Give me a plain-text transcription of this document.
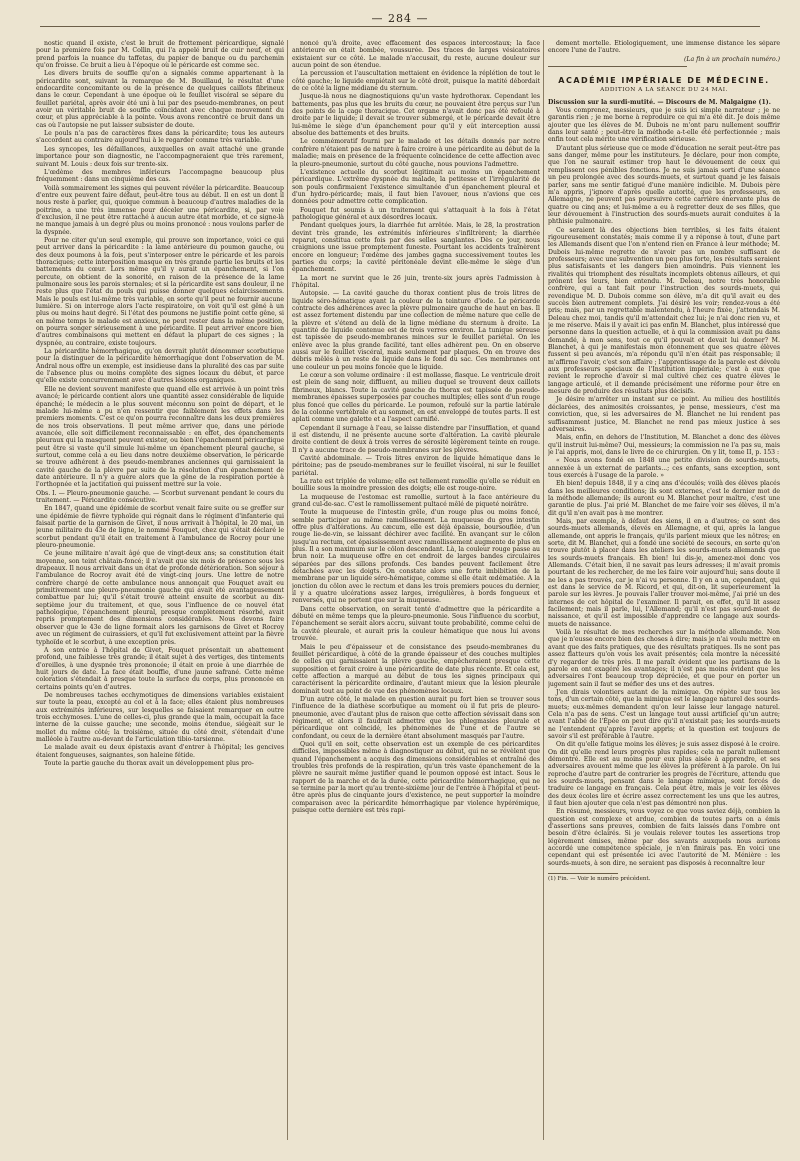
— 284 —

nostic quand il existe, c'est le bruit de frottement péricardique, signalé pour la première fois par M. Collin, qui l'a appelé bruit de cuir neuf, et qui prend parfois la nuance du taffetas, du papier de banque ou du parchemin qu'on froisse. Ce bruit a lieu à l'époque où le péricarde est comme sec.

Les divers bruits de souffle qu'on a signalés comme appartenant à la péricardite sont, suivant la remarque de M. Bouillaud, le résultat d'une endocardite concomitante ou de la présence de quelques caillots fibrineux dans le cœur. Cependant à une époque où le feuillet viscéral se sépare du feuillet pariétal, après avoir été uni à lui par des pseudo-membranes, on peut avoir un véritable bruit de souffle coïncidant avec chaque mouvement du cœur, et plus appréciable à la pointe. Vous avons rencontré ce bruit dans un cas où l'autopsie ne put laisser subsister de doute.

Le pouls n'a pas de caractères fixes dans la péricardite; tous les auteurs s'accordent au contraire aujourd'hui à le regarder comme très variable.

Les syncopes, les défaillances, auxquelles on avait attaché une grande importance pour son diagnostic, ne l'accompagneraient que très rarement, suivant M. Louis : deux fois sur trente-six.

L'œdème des membres inférieurs l'accompagne beaucoup plus fréquemment : dans un cinquième des cas.

Voilà sommairement les signes qui peuvent révéler la péricardite. Beaucoup d'entre eux peuvent faire défaut, peut-être tous au début. Il en est un dont il nous reste à parler, qui, quoique commun à beaucoup d'autres maladies de la poitrine, a une très immense pour déceler une péricardite, si, par voie d'exclusion, il ne peut être rattaché à aucun autre état morbide, et ce signe-là ne manque jamais à un degré plus ou moins prononcé : nous voulons parler de la dyspnée.

Pour ne citer qu'un seul exemple, qui prouve son importance, voici ce qui peut arriver dans la péricardite : la lame antérieure du poumon gauche, ou des deux poumons à la fois, peut s'interposer entre le péricarde et les parois thoraciques; cette interposition masque en très grande partie les bruits et les battements du cœur. Lors même qu'il y aurait un épanchement, si l'on percute, on obtient de la sonorité, en raison de la présence de la lame pulmonaire sous les parois sternales; et si la péricardite est sans douleur, il ne reste plus que l'état du pouls qui puisse donner quelques éclaircissements. Mais le pouls est lui-même très variable, en sorte qu'il peut ne fournir aucune lumière. Si on interroge alors l'acte respiratoire, on voit qu'il est gêné à un plus ou moins haut degré. Si l'état des poumons ne justifie point cette gêne, si en même temps le malade est anxieux, ne peut rester dans la même position, on pourra songer sérieusement à une péricardite. Il peut arriver encore bien d'autres combinaisons qui mettent en défaut la plupart de ces signes ; la dyspnée, au contraire, existe toujours.

La péricardite hémorrhagique, qu'on devrait plutôt dénommer scorbutique pour la distinguer de la péricardite hémorrhagique dont l'observation de M. Andral nous offre un exemple, est insidieuse dans la pluralité des cas par suite de l'absence plus ou moins complète des signes locaux du début, et parce qu'elle existe concurremment avec d'autres lésions organiques.

Elle ne devient souvent manifeste que quand elle est arrivée à un point très avancé; le péricarde contient alors une quantité assez considérable de liquide épanché; le médecin a le plus souvent méconnu son point de départ, et le malade lui-même a pu n'en ressentir que faiblement les effets dans les premiers moments. C'est ce qu'on pourra reconnaître dans les deux premières de nos trois observations. Il peut même arriver que, dans une période avancée, elle soit difficilement reconnaissable : en effet, des épanchements pleuraux qui la masquent peuvent exister, ou bien l'épanchement péricardique peut être si vaste qu'il simule lui-même un épanchement pleural gauche, si surtout, comme cela a eu lieu dans notre deuxième observation, le péricarde se trouve adhérent à des pseudo-membranes anciennes qui garnissaient la cavité gauche de la plèvre par suite de la résolution d'un épanchement de date antérieure. Il n'y a guère alors que la gêne de la respiration portée à l'orthopnée et la jactitation qui puissent mettre sur la voie.

Obs. I. — Pleuro-pneumonie gauche. — Scorbut survenant pendant le cours du traitement. — Péricardite consécutive.

En 1847, quand une épidémie de scorbut venait faire suite ou se greffer sur une épidémie de fièvre typhoïde qui régnait dans le régiment d'infanterie qui faisait partie de la garnison de Givet, il nous arrivait à l'hôpital, le 20 mai, un jeune militaire du 43e de ligne, le nommé Fouquet, chez qui s'était déclaré le scorbut pendant qu'il était en traitement à l'ambulance de Rocroy pour une pleuro-pneumonie.

Ce jeune militaire n'avait âgé que de vingt-deux ans; sa constitution était moyenne, son teint châtain-foncé; il n'avait que six mois de présence sous les drapeaux. Il nous arrivait dans un état de profonde détérioration. Son séjour à l'ambulance de Rocroy avait été de vingt-cinq jours. Une lettre de notre confrère chargé de cette ambulance nous annonçait que Fouquet avait eu primitivement une pleuro-pneumonie gauche qui avait été avantageusement combattue par lui; qu'il s'était trouvé atteint ensuite de scorbut au dix-septième jour du traitement, et que, sous l'influence de ce nouvel état pathologique, l'épanchement pleural, presque complètement résorbé, avait repris promptement des dimensions considérables. Nous devons faire observer que le 43e de ligne formait alors les garnisons de Givet et Rocroy avec un régiment de cuirassiers, et qu'il fut exclusivement atteint par la fièvre typhoïde et le scorbut, à une exception près.

A son entrée à l'hôpital de Givet, Fouquet présentait un abattement profond, une faiblesse très grande; il était sujet à des vertiges, des tintements d'oreilles, à une dyspnée très prononcée; il était en proie à une diarrhée de huit jours de date. La face était bouffie, d'une jaune safrané. Cette même coloration s'étendait à presque toute la surface du corps, plus prononcée en certains points qu'en d'autres.

De nombreuses taches ecchymotiques de dimensions variables existaient sur toute la peau, excepté au col et à la face; elles étaient plus nombreuses aux extrémités inférieures, sur lesquelles se faisaient remarquer en outre trois ecchymoses. L'une de celles-ci, plus grande que la main, occupait la face interne de la cuisse gauche; une seconde, moins étendue, siégeait sur le mollet du même côté; la troisième, située du côté droit, s'étendait d'une malléole à l'autre au-devant de l'articulation tibio-tarsienne.

Le malade avait eu deux épistaxis avant d'entrer à l'hôpital; les gencives étaient fongueuses, saignantes, son haleine fétide.

Toute la partie gauche du thorax avait un développement plus pro-

noncé qu'à droite, avec effacement des espaces intercostaux; la face antérieure en était bombée, voussurée. Des traces de larges vésicatoires existaient sur ce côté. Le malade n'accusait, du reste, aucune douleur sur aucun point de son étendue.

La percussion et l'auscultation mettaient en évidence la réplétion de tout le côté gauche; le liquide empiétait sur le côté droit, puisque la matité débordait de ce côté la ligne médiane du sternum.

Jusque-là nous ne diagnostiquions qu'un vaste hydrothorax. Cependant les battements, pas plus que les bruits du cœur, ne pouvaient être perçus sur l'un des points de la cage thoracique. Cet organe n'avait donc pas été refoulé à droite par le liquide; il devait se trouver submergé, et le péricarde devait être lui-même le siège d'un épanchement pour qu'il y eût interception aussi absolue des battements et des bruits.

Le commémoratif fourni par le malade et les détails donnés par notre confrère n'étaient pas de nature à faire croire à une péricardite au début de la maladie; mais en présence de la fréquente coïncidence de cette affection avec la pleuro-pneumonie, surtout du côté gauche, nous pouvions l'admettre.

L'existence actuelle du scorbut légitimait au moins un épanchement péricardique. L'extrême dyspnée du malade, la petitesse et l'irrégularité de son pouls confirmaient l'existence simultanée d'un épanchement pleural et d'un hydro-péricarde; mais, il faut bien l'avouer, nous n'avions que ces données pour admettre cette complication.

Fouquet fut soumis à un traitement qui s'attaquait à la fois à l'état pathologique général et aux désordres locaux.

Pendant quelques jours, la diarrhée fut arrêtée. Mais, le 28, la prostration devint très grande, les extrémités inférieures s'infiltrèrent; la diarrhée reparut, constitua cette fois par des selles sanglantes. Dès ce jour, nous craignions une issue promptement funeste. Pourtant les accidents traînèrent encore en longueur; l'œdème des jambes gagna successivement toutes les parties du corps; la cavité péritonéale devint elle-même le siège d'un épanchement.

La mort ne survint que le 26 juin, trente-six jours après l'admission à l'hôpital.

Autopsie. — La cavité gauche du thorax contient plus de trois litres de liquide séro-hématique ayant la couleur de la teinture d'iode. Le péricarde contracte des adhérences avec la plèvre pulmonaire gauche de haut en bas. Il est assez fortement distendu par une collection de même nature que celle de la plèvre et s'étend au delà de la ligne médiane du sternum à droite. La quantité de liquide contenue est de trois verres environ. La tunique séreuse est tapissée de pseudo-membranes minces sur le feuillet pariétal. On les enlève avec la plus grande facilité, tant elles adhèrent peu. On en observe aussi sur le feuillet viscéral, mais seulement par plaques. On en trouve des débris mêlés à un reste de liquide dans le fond du sac. Ces membranes ont une couleur un peu moins foncée que le liquide.

Le cœur a son volume ordinaire : il est mollasse, flasque. Le ventricule droit est plein de sang noir, diffluent, au milieu duquel se trouvent deux caillots fibrineux, blancs. Toute la cavité gauche du thorax est tapissée de pseudo-membranes épaisses superposées par couches multiples; elles sont d'un rouge plus foncé que celles du péricarde. Le poumon, refoulé sur la partie latérale de la colonne vertébrale et au sommet, en est enveloppé de toutes parts. Il est aplati comme une galette et a l'aspect carnifié.

Cependant il surnage à l'eau, se laisse distendre par l'insufflation, et quand il est distendu, il ne présente aucune sorte d'altération. La cavité pleurale droite contient de deux à trois verres de sérosité légèrement teinte en rouge. Il n'y a aucune trace de pseudo-membranes sur les plèvres.

Cavité abdominale. — Trois litres environ de liquide hématique dans le péritoine; pas de pseudo-membranes sur le feuillet viscéral, ni sur le feuillet pariétal.

La rate est triplée de volume; elle est tellement ramollie qu'elle se réduit en bouillie sous la moindre pression des doigts; elle est rouge-noire.

La muqueuse de l'estomac est ramollie, surtout à la face antérieure du grand cul-de-sac. C'est le ramollissement pultacé mêlé de piqueté noirâtre.

Toute la muqueuse de l'intestin grêle, d'un rouge plus ou moins foncé, semble participer au même ramollissement. La muqueuse du gros intestin offre plus d'altérations. Au cæcum, elle est déjà épaissie, boursouflée, d'un rouge lie-de-vin, se laissant déchirer avec facilité. En avançant sur le côlon jusqu'au rectum, cet épaississement avec ramollissement augmente de plus en plus. Il a son maximum sur le côlon descendant. Là, la couleur rouge passe au brun noir. La muqueuse offre en cet endroit de larges bandes circulaires séparées par des sillons profonds. Ces bandes peuvent facilement être détachées avec les doigts. On constate alors une forte imbibition de la membrane par un liquide séro-hématique, comme si elle était œdématiée. A la jonction du côlon avec le rectum et dans les trois premiers pouces du dernier, il y a quatre ulcérations assez larges, irrégulières, à bords fongueux et renversés, qui ne portent que sur la muqueuse.

Dans cette observation, on serait tenté d'admettre que la péricardite a débuté en même temps que la pleuro-pneumonie. Sous l'influence du scorbut, l'épanchement se serait alors accru, suivant toute probabilité, comme celui de la cavité pleurale, et aurait pris la couleur hématique que nous lui avons trouvée.

Mais le peu d'épaisseur et de consistance des pseudo-membranes du feuillet péricardique, à côté de la grande épaisseur et des couches multiples de celles qui garnissaient la plèvre gauche, empêcheraient presque cette supposition et ferait croire à une péricardite de date plus récente. Et cela est, cette affection a marqué au début de tous les signes principaux qui caractérisent la péricardite ordinaire, d'autant mieux que la lésion pleurale dominait tout au point de vue des phénomènes locaux.

D'un autre côté, le malade en question aurait pu fort bien se trouver sous l'influence de la diathèse scorbutique au moment où il fut pris de pleuro-pneumonie, avec d'autant plus de raison que cette affection sévissait dans son régiment, et alors il faudrait admettre que les phlegmasies pleurale et péricardique ont coïncidé, les phénomènes de l'une et de l'autre se confondant, ou ceux de la dernière étant absolument masqués par l'autre.

Quoi qu'il en soit, cette observation est un exemple de ces péricardites difficiles, impossibles même à diagnostiquer au début, qui ne se révèlent que quand l'épanchement a acquis des dimensions considérables et entraîné des troubles très profonds de la respiration, qu'un très vaste épanchement de la plèvre ne saurait même justifier quand le poumon opposé est intact. Sous le rapport de la marche et de la durée, cette péricardite hémorrhagique, qui ne se termine par la mort qu'au trente-sixième jour de l'entrée à l'hôpital et peut-être après plus de cinquante jours d'existence, ne peut supporter la moindre comparaison avec la péricardite hémorrhagique par violence hypérémique, puisque cette dernière est très rapi-

dement mortelle. Étiologiquement, une immense distance les sépare encore l'une de l'autre.

(La fin à un prochain numéro.)

ACADÉMIE IMPÉRIALE DE MÉDECINE.
ADDITION A LA SÉANCE DU 24 MAI.

Discussion sur la surdi-mutité. — Discours de M. Malgaigne (1).

Vous comprenez, messieurs, que je suis ici simple narrateur ; je ne garantis rien ; je me borne à reproduire ce qui m'a été dit. Je dois même ajouter que les élèves de M. Dubois ne m'ont paru nullement souffrir dans leur santé ; peut-être la méthode a-t-elle été perfectionnée ; mais enfin tout cela mérite une vérification sérieuse.

D'autant plus sérieuse que ce mode d'éducation ne serait peut-être pas sans danger, même pour les instituteurs. Je déclare, pour mon compte, que l'on ne saurait estimer trop haut le dévouement de ceux qui remplissent ces pénibles fonctions. Je ne suis jamais sorti d'une séance un peu prolongée avec des sourds-muets, et surtout quand je les faisais parler, sans me sentir fatigué d'une manière indicible. M. Dubois père m'a appris, j'ignore d'après quelle autorité, que les professeurs, en Allemagne, ne peuvent pas poursuivre cette carrière énervante plus de quatre ou cinq ans; et lui-même a eu à regretter deux de ses filles, que leur dévouement à l'instruction des sourds-muets aurait conduites à la phthisie pulmonaire.

Ce seraient là des objections bien terribles, si les faits étaient rigoureusement constatés; mais comme il y a réponse à tout, d'une part les Allemands disent que l'on n'entend rien en France à leur méthode; M. Dubois lui-même regrette de n'avoir pas un nombre suffisant de professeurs; avec une subvention un peu plus forte, les résultats seraient plus satisfaisants et les dangers bien amoindris. Puis viennent les rivalités qui triomphent des résultats incomplets obtenus ailleurs, et qui prônent les leurs, bien entendu. M. Deleau, notre très honorable confrère, qui a tant fait pour l'instruction des sourds-muets, qui revendique M. D. Dubois comme son élève, m'a dit qu'il avait eu des succès bien autrement complets. J'ai désiré les voir; rendez-vous a été pris; mais, par un regrettable malentendu, à l'heure fixée, j'attendais M. Deleau chez moi, tandis qu'il m'attendait chez lui; je n'ai donc rien vu, et je me réserve. Mais il y avait ici pas enfin M. Blanchet, plus intéressé que personne dans la question actuelle, et à qui la commission avait pu dans demandé, à mon sens, tout ce qu'il pouvait et devait lui donner? M. Blanchet, à qui je manifestais mon étonnement que ses quatre élèves fussent si peu avancés, m'a répondu qu'il n'en était pas responsable; il m'affirme l'avoir, c'est son affaire ; l'apprentissage de la parole est dévolu aux professeurs spéciaux de l'Institution impériale; c'est à eux que revient le reproche d'avoir si mal cultivé chez ces quatre élèves le langage articulé, et il demande précisément une réforme pour être en mesure de produire des résultats plus décisifs.

Je désire m'arrêter un instant sur ce point. Au milieu des hostilités déclarées, des animosités croissantes, je pense, messieurs, c'est ma conviction, que, si les adversaires de M. Blanchet ne lui rendent pas suffisamment justice, M. Blanchet ne rend pas mieux justice à ses adversaires.

Mais, enfin, en dehors de l'Institution, M. Blanchet a donc des élèves qu'il instruit lui-même? Oui, messieurs; la commission ne l'a pas su, mais je l'ai appris, moi, dans le livre de ce chirurgien. On y lit, tome II, p. 153 :

« Nous avons fondé en 1848 une petite division de sourds-muets, annexée à un externat de parlants...; ces enfants, sans exception, sont tous exercés à l'usage de la parole. »

Eh bien! depuis 1848, il y a cinq ans d'écoulés; voilà des élèves placés dans les meilleures conditions; ils sont externes, c'est le dernier mot de la méthode allemande; ils auront eu M. Blanchet pour maître, c'est une garantie de plus. J'ai prié M. Blanchet de me faire voir ses élèves, il m'a dit qu'il n'en avait pas à me montrer.

Mais, par exemple, à défaut des siens, il en a d'autres; ce sont des sourds-muets allemands, élevés en Allemagne, et qui, après la langue allemande, ont appris le français, qu'ils parlent mieux que les nôtres; en sorte, dit M. Blanchet, qui a fondé une société de secours, en sorte qu'on trouve plutôt à placer dans les ateliers les sourds-muets allemands que les sourds-muets français. Eh bien! lui dis-je, amenez-moi donc vos Allemands. C'était bien, il ne savait pas leurs adresses; il m'avait promis pourtant de les rechercher, de me les faire voir aujourd'hui; sans doute il ne les a pas trouvés, car je n'ai vu personne. Il y en a un, cependant, qui est dans le service de M. Ricord, et qui, dit-on, lit superieurement la parole sur les lèvres. Je pouvais l'aller trouver moi-même, j'ai prié un des internes de cet hôpital de l'examiner. Il parait, en effet, qu'il lit assez facilement; mais il parle, lui, l'Allemand; qu'il n'est pas sourd-muet de naissance, et qu'il est impossible d'apprendre ce langage aux sourds-muets de naissance.

Voilà le résultat de mes recherches sur la méthode allemande. Non que je n'eusse encore bien des choses à dire; mais je n'ai voulu mettre en avant que des faits pratiques, que des résultats pratiques. Ils ne sont pas assez flatteurs qu'on vous les avait présentés; cela montre la nécessité d'y regarder de très près. Il me paraît évident que les partisans de la parole en ont exagéré les avantages; il n'est pas moins évident que les adversaires l'ont beaucoup trop dépréciée, et que pour en porter un jugement sain il faut se méfier des uns et des autres.

J'en dirais volontiers autant de la mimique. On répète sur tous les tons, d'un certain côté, que la mimique est le langage naturel des sourds-muets; eux-mêmes demandent qu'on leur laisse leur langage naturel. Cela n'a pas de sens. C'est un langage tout aussi artificiel qu'un autre; avant l'abbé de l'Épée on peut dire qu'il n'existait pas; les sourds-muets ne l'entendent qu'après l'avoir appris; et la question est toujours de savoir s'il est préférable à l'autre.

On dit qu'elle fatigue moins les élèves; je suis assez disposé à le croire. On dit qu'elle rend leurs progrès plus rapides; cela ne paraît nullement démontré. Elle est au moins pour eux plus aisée à apprendre, et ses adversaires avouent même que les élèves la préfèrent à la parole. On lui reproche d'autre part de contrarier les progrès de l'écriture, attendu que les sourds-muets, pensant dans le langage mimique, sont forcés de traduire ce langage en français. Cela peut être, mais je voir les élèves des deux écoles lire et écrire assez correctement les uns que les autres, il faut bien ajouter que cela n'est pas démontré non plus.

En résumé, messieurs, vous voyez ce que vous saviez déjà, combien la question est complexe et ardue, combien de toutes parts on a émis d'assertions sans preuves, combien de faits laissés dans l'ombre ont besoin d'être éclairés. Si je voulais relever toutes les assertions trop légèrement émises, même par des savants auxquels nous aurions accordé une compétence spéciale, je n'en finirais pas. En voici une cependant qui est présentée ici avec l'autorité de M. Ménière : les sourds-muets, à son dire, ne seraient pas disposés à reconnaître leur

(1) Fin. — Voir le numéro précédent.
